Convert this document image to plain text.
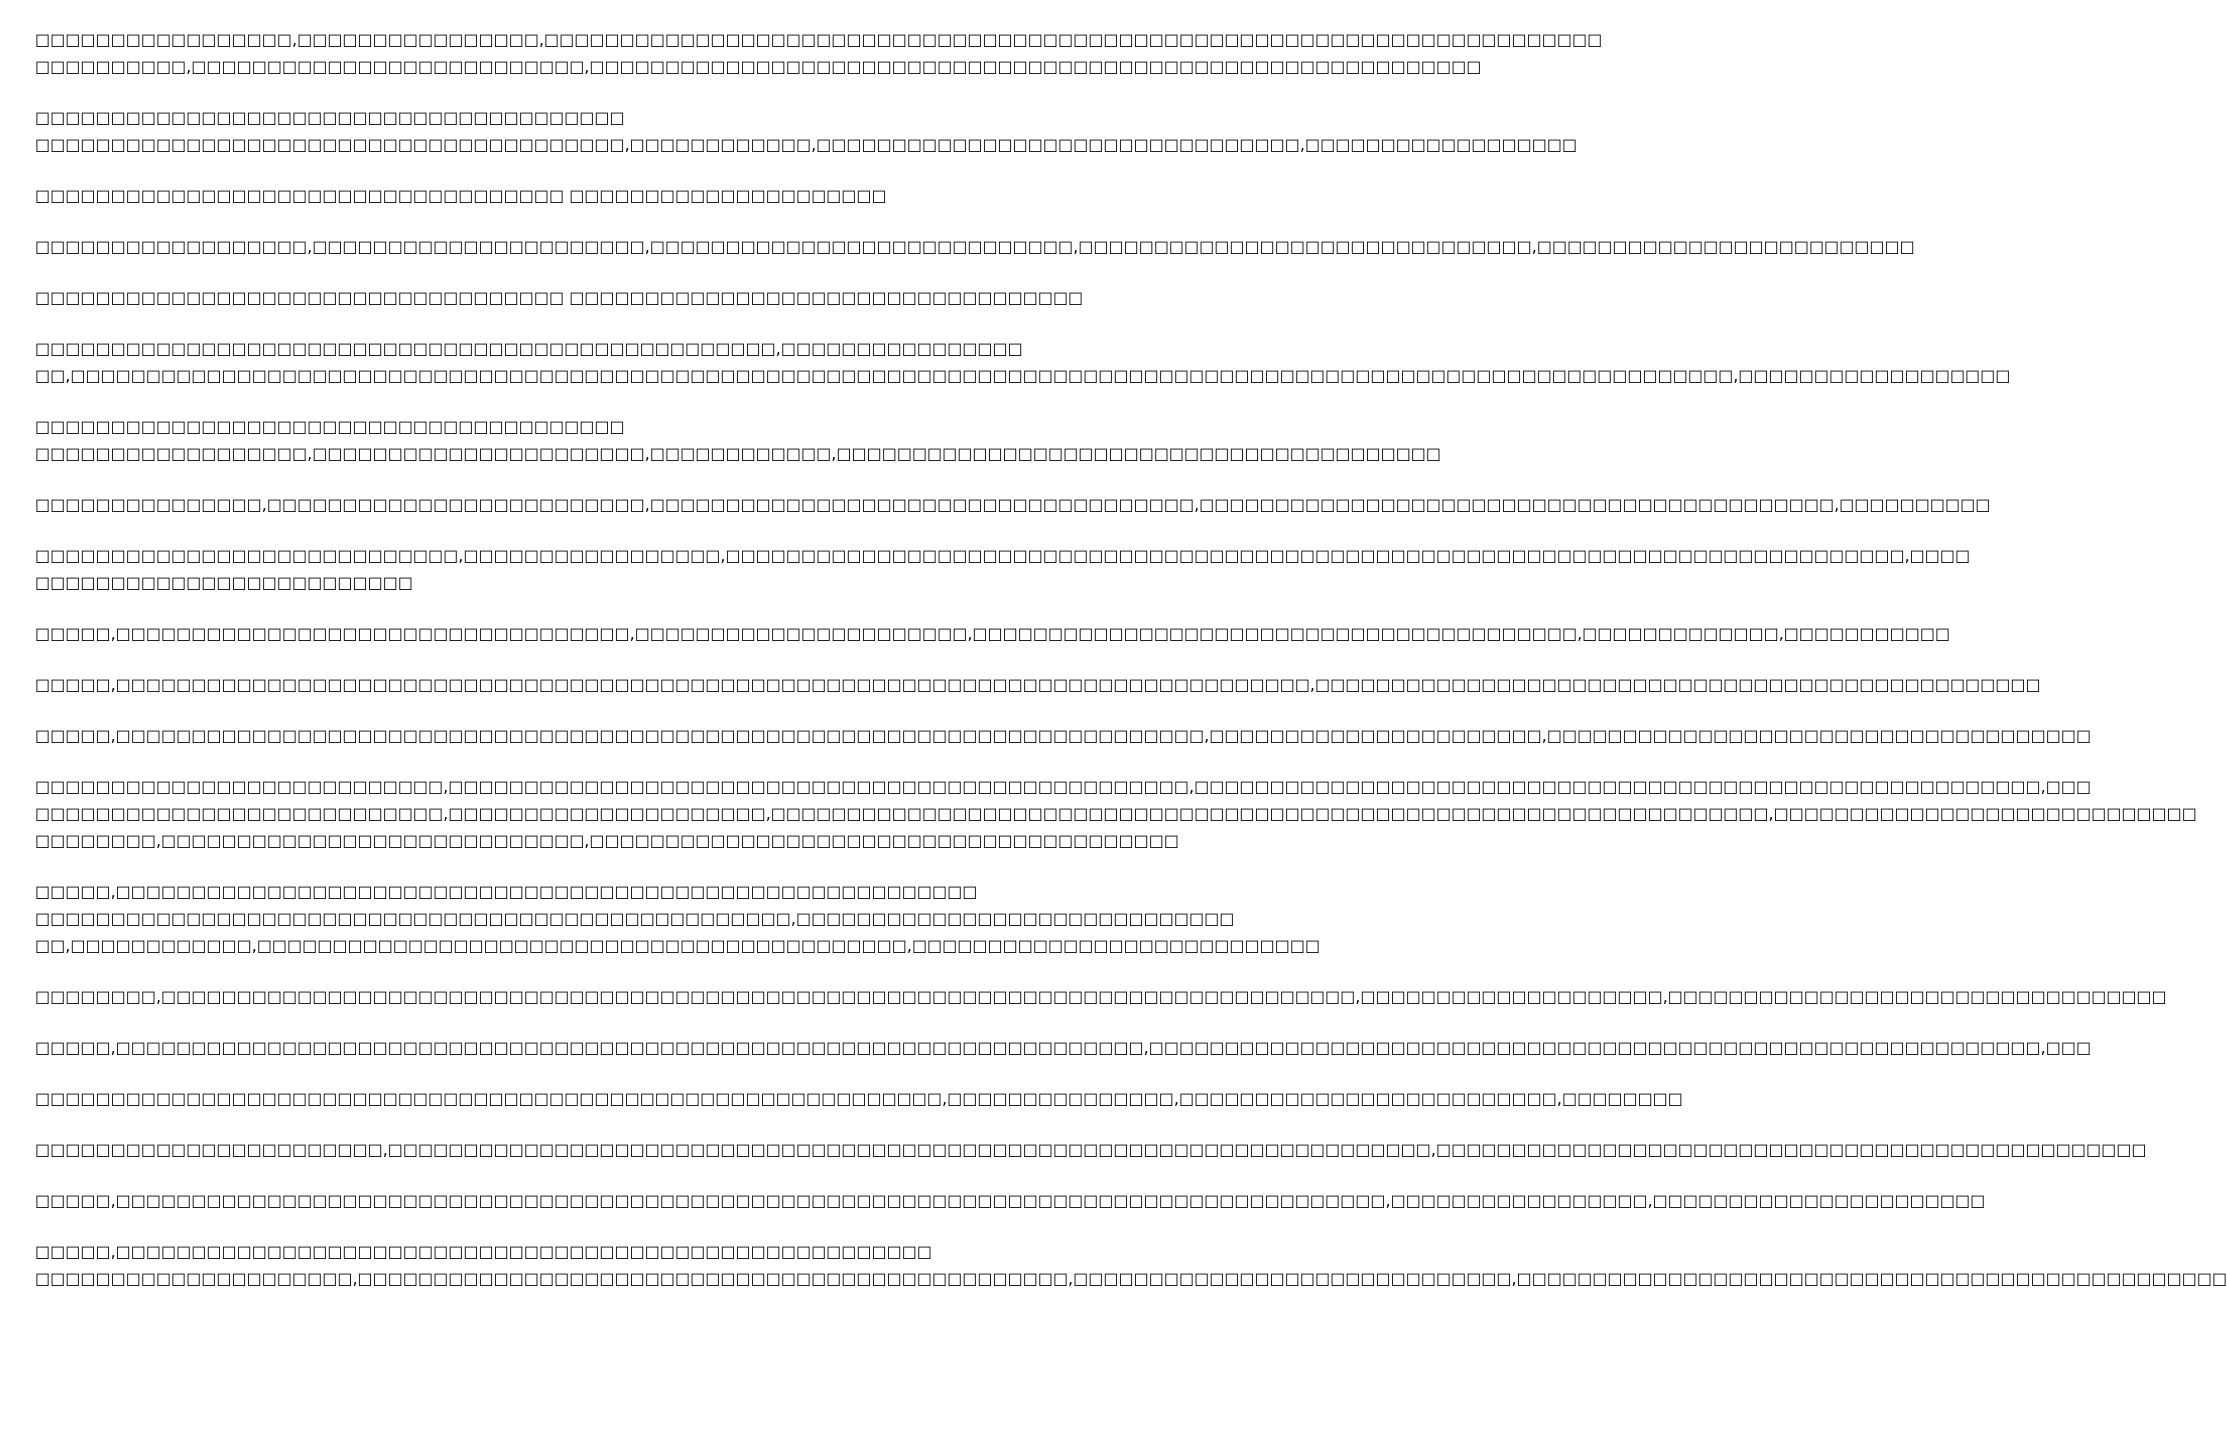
□□□□□□□□□□□□□□□□□,□□□□□□□□□□□□□□□□,□□□□□□□□□□□□□□□□□□□□□□□□□□□□□□□□□□□□□□□□□□□□□□□□□□□□□□□□□□□□□□□□□□□□□□
□□□□□□□□□□,□□□□□□□□□□□□□□□□□□□□□□□□□□,□□□□□□□□□□□□□□□□□□□□□□□□□□□□□□□□□□□□□□□□□□□□□□□□□□□□□□□□□□□
□□□□□□□□□□□□□□□□□□□□□□□□□□□□□□□□□□□□□□□
□□□□□□□□□□□□□□□□□□□□□□□□□□□□□□□□□□□□□□□,□□□□□□□□□□□□,□□□□□□□□□□□□□□□□□□□□□□□□□□□□□□□□,□□□□□□□□□□□□□□□□□□
□□□□□□□□□□□□□□□□□□□□□□□□□□□□□□□□□□□ □□□□□□□□□□□□□□□□□□□□□
□□□□□□□□□□□□□□□□□□,□□□□□□□□□□□□□□□□□□□□□□,□□□□□□□□□□□□□□□□□□□□□□□□□□□□,□□□□□□□□□□□□□□□□□□□□□□□□□□□□□□,□□□□□□□□□□□□□□□□□□□□□□□□□
□□□□□□□□□□□□□□□□□□□□□□□□□□□□□□□□□□□ □□□□□□□□□□□□□□□□□□□□□□□□□□□□□□□□□□
□□□□□□□□□□□□□□□□□□□□□□□□□□□□□□□□□□□□□□□□□□□□□□□□□,□□□□□□□□□□□□□□□□
□□,□□□□□□□□□□□□□□□□□□□□□□□□□□□□□□□□□□□□□□□□□□□□□□□□□□□□□□□□□□□□□□□□□□□□□□□□□□□□□□□□□□□□□□□□□□□□□□□□□□□□□□□□□□□□□□,□□□□□□□□□□□□□□□□□□
□□□□□□□□□□□□□□□□□□□□□□□□□□□□□□□□□□□□□□□
□□□□□□□□□□□□□□□□□□,□□□□□□□□□□□□□□□□□□□□□□,□□□□□□□□□□□□,□□□□□□□□□□□□□□□□□□□□□□□□□□□□□□□□□□□□□□□□
□□□□□□□□□□□□□□□,□□□□□□□□□□□□□□□□□□□□□□□□□,□□□□□□□□□□□□□□□□□□□□□□□□□□□□□□□□□□□□,□□□□□□□□□□□□□□□□□□□□□□□□□□□□□□□□□□□□□□□□□□,□□□□□□□□□□
□□□□□□□□□□□□□□□□□□□□□□□□□□□□,□□□□□□□□□□□□□□□□□,□□□□□□□□□□□□□□□□□□□□□□□□□□□□□□□□□□□□□□□□□□□□□□□□□□□□□□□□□□□□□□□□□□□□□□□□□□□□□□,□□□□
□□□□□□□□□□□□□□□□□□□□□□□□□
□□□□□,□□□□□□□□□□□□□□□□□□□□□□□□□□□□□□□□□□,□□□□□□□□□□□□□□□□□□□□□□,□□□□□□□□□□□□□□□□□□□□□□□□□□□□□□□□□□□□□□□□,□□□□□□□□□□□□□,□□□□□□□□□□□
□□□□□,□□□□□□□□□□□□□□□□□□□□□□□□□□□□□□□□□□□□□□□□□□□□□□□□□□□□□□□□□□□□□□□□□□□□□□□□□□□□□□□,□□□□□□□□□□□□□□□□□□□□□□□□□□□□□□□□□□□□□□□□□□□□□□□□
□□□□□,□□□□□□□□□□□□□□□□□□□□□□□□□□□□□□□□□□□□□□□□□□□□□□□□□□□□□□□□□□□□□□□□□□□□□□□□,□□□□□□□□□□□□□□□□□□□□□□,□□□□□□□□□□□□□□□□□□□□□□□□□□□□□□□□□□□□
□□□□□□□□□□□□□□□□□□□□□□□□□□□,□□□□□□□□□□□□□□□□□□□□□□□□□□□□□□□□□□□□□□□□□□□□□□□□□,□□□□□□□□□□□□□□□□□□□□□□□□□□□□□□□□□□□□□□□□□□□□□□□□□□□□□□□□,□□□
□□□□□□□□□□□□□□□□□□□□□□□□□□□,□□□□□□□□□□□□□□□□□□□□□,□□□□□□□□□□□□□□□□□□□□□□□□□□□□□□□□□□□□□□□□□□□□□□□□□□□□□□□□□□□□□□□□□□,□□□□□□□□□□□□□□□□□□□□□□□□□□□□
□□□□□□□□,□□□□□□□□□□□□□□□□□□□□□□□□□□□□,□□□□□□□□□□□□□□□□□□□□□□□□□□□□□□□□□□□□□□□
□□□□□,□□□□□□□□□□□□□□□□□□□□□□□□□□□□□□□□□□□□□□□□□□□□□□□□□□□□□□□□□
□□□□□□□□□□□□□□□□□□□□□□□□□□□□□□□□□□□□□□□□□□□□□□□□□□,□□□□□□□□□□□□□□□□□□□□□□□□□□□□□
□□,□□□□□□□□□□□□,□□□□□□□□□□□□□□□□□□□□□□□□□□□□□□□□□□□□□□□□□□□,□□□□□□□□□□□□□□□□□□□□□□□□□□□
□□□□□□□□,□□□□□□□□□□□□□□□□□□□□□□□□□□□□□□□□□□□□□□□□□□□□□□□□□□□□□□□□□□□□□□□□□□□□□□□□□□□□□□□,□□□□□□□□□□□□□□□□□□□□,□□□□□□□□□□□□□□□□□□□□□□□□□□□□□□□□□
□□□□□,□□□□□□□□□□□□□□□□□□□□□□□□□□□□□□□□□□□□□□□□□□□□□□□□□□□□□□□□□□□□□□□□□□□□,□□□□□□□□□□□□□□□□□□□□□□□□□□□□□□□□□□□□□□□□□□□□□□□□□□□□□□□□□□□,□□□
□□□□□□□□□□□□□□□□□□□□□□□□□□□□□□□□□□□□□□□□□□□□□□□□□□□□□□□□□□□□,□□□□□□□□□□□□□□□,□□□□□□□□□□□□□□□□□□□□□□□□□,□□□□□□□□
□□□□□□□□□□□□□□□□□□□□□□□,□□□□□□□□□□□□□□□□□□□□□□□□□□□□□□□□□□□□□□□□□□□□□□□□□□□□□□□□□□□□□□□□□□□□□,□□□□□□□□□□□□□□□□□□□□□□□□□□□□□□□□□□□□□□□□□□□□□□□
□□□□□,□□□□□□□□□□□□□□□□□□□□□□□□□□□□□□□□□□□□□□□□□□□□□□□□□□□□□□□□□□□□□□□□□□□□□□□□□□□□□□□□□□□□,□□□□□□□□□□□□□□□□□,□□□□□□□□□□□□□□□□□□□□□□
□□□□□,□□□□□□□□□□□□□□□□□□□□□□□□□□□□□□□□□□□□□□□□□□□□□□□□□□□□□□
□□□□□□□□□□□□□□□□□□□□□,□□□□□□□□□□□□□□□□□□□□□□□□□□□□□□□□□□□□□□□□□□□□□□□,□□□□□□□□□□□□□□□□□□□□□□□□□□□□□,□□□□□□□□□□□□□□□□□□□□□□□□□□□□□□□□□□□□□□□□□□□□□□□
